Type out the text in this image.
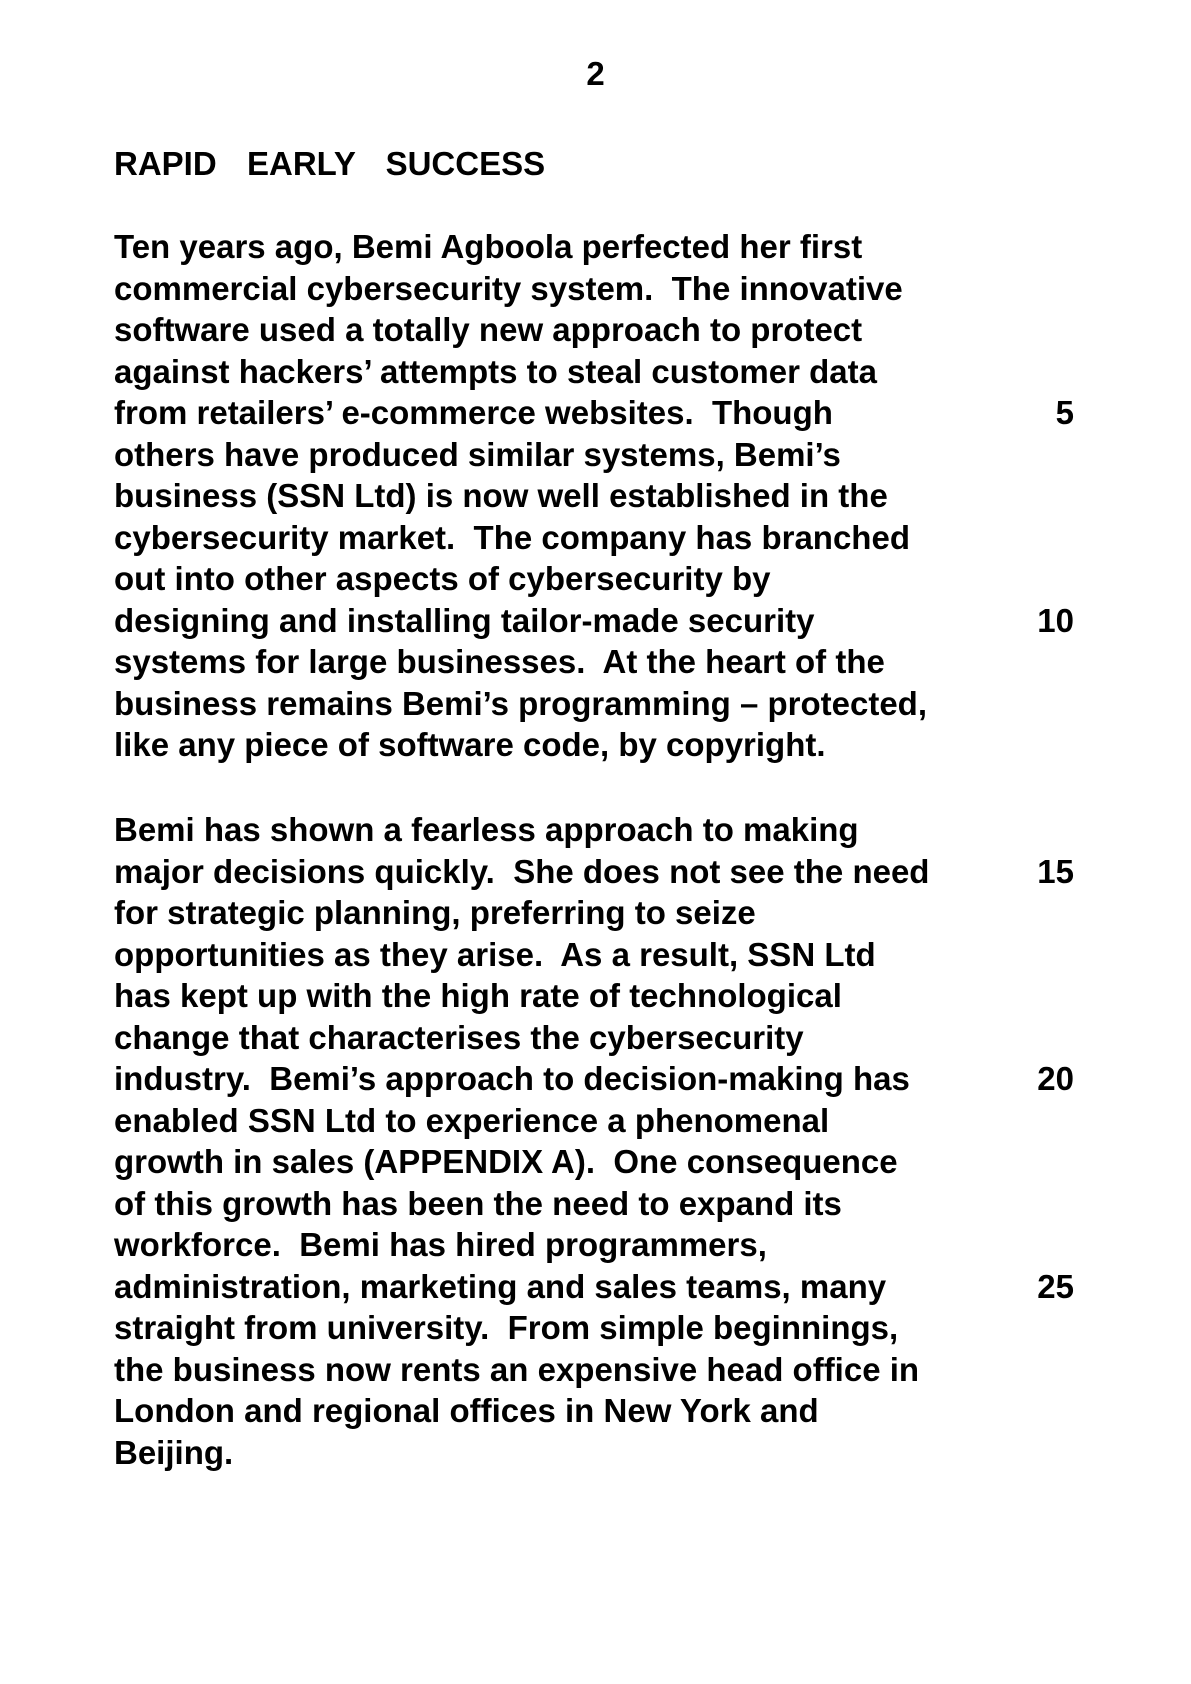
2
RAPID  EARLY  SUCCESS
Ten years ago, Bemi Agboola perfected her first
commercial cybersecurity system.  The innovative
software used a totally new approach to protect
against hackers’ attempts to steal customer data
from retailers’ e-commerce websites.  Though	5
others have produced similar systems, Bemi’s
business (SSN Ltd) is now well established in the
cybersecurity market.  The company has branched
out into other aspects of cybersecurity by
designing and installing tailor-made security	10
systems for large businesses.  At the heart of the
business remains Bemi’s programming – protected,
like any piece of software code, by copyright.
Bemi has shown a fearless approach to making
major decisions quickly.  She does not see the need	15
for strategic planning, preferring to seize
opportunities as they arise.  As a result, SSN Ltd
has kept up with the high rate of technological
change that characterises the cybersecurity
industry.  Bemi’s approach to decision-making has	20
enabled SSN Ltd to experience a phenomenal
growth in sales (APPENDIX A).  One consequence
of this growth has been the need to expand its
workforce.  Bemi has hired programmers,
administration, marketing and sales teams, many	25
straight from university.  From simple beginnings,
the business now rents an expensive head office in
London and regional offices in New York and
Beijing.
